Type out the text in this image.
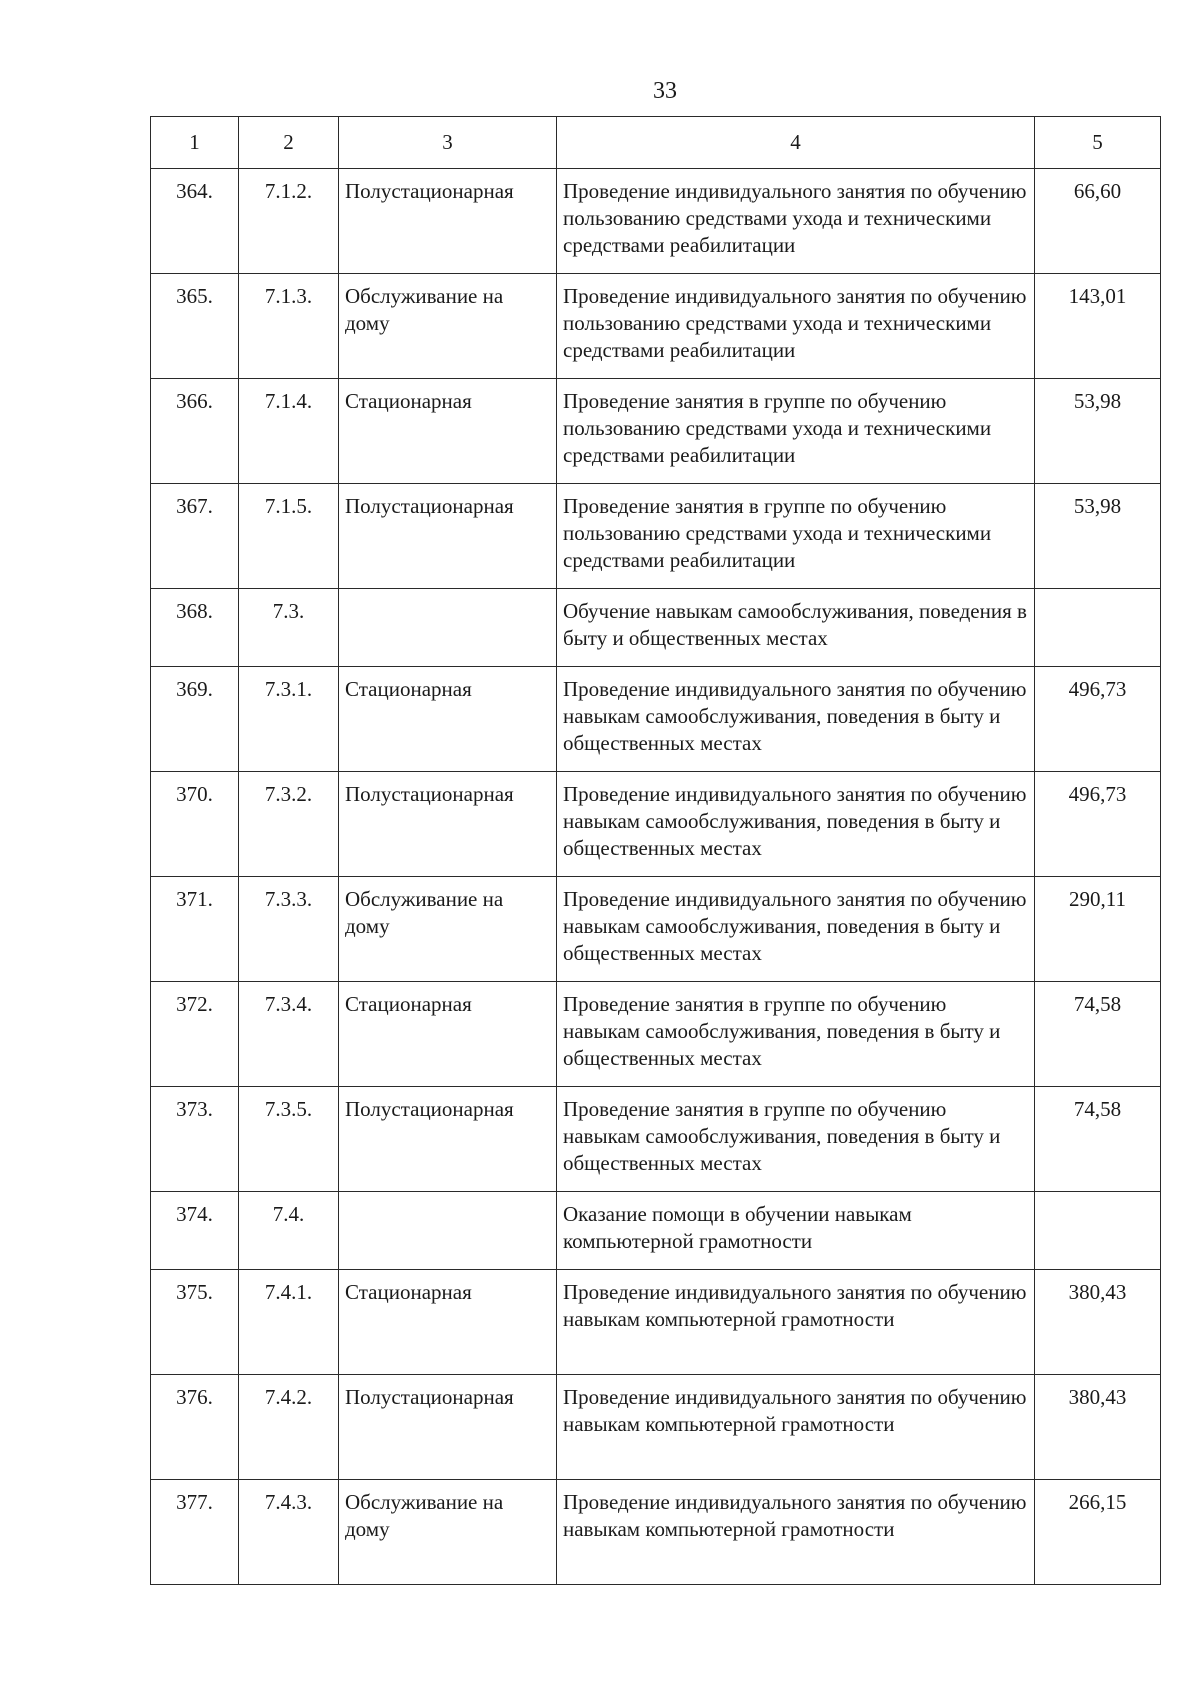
33
1	2	3	4	5
364.	7.1.2.	Полустационарная	Проведение индивидуального занятия по обучению пользованию средствами ухода и техническими средствами реабилитации	66,60
365.	7.1.3.	Обслуживание на дому	Проведение индивидуального занятия по обучению пользованию средствами ухода и техническими средствами реабилитации	143,01
366.	7.1.4.	Стационарная	Проведение занятия в группе по обучению пользованию средствами ухода и техническими средствами реабилитации	53,98
367.	7.1.5.	Полустационарная	Проведение занятия в группе по обучению пользованию средствами ухода и техническими средствами реабилитации	53,98
368.	7.3.		Обучение навыкам самообслуживания, поведения в быту и общественных местах	
369.	7.3.1.	Стационарная	Проведение индивидуального занятия по обучению навыкам самообслуживания, поведения в быту и общественных местах	496,73
370.	7.3.2.	Полустационарная	Проведение индивидуального занятия по обучению навыкам самообслуживания, поведения в быту и общественных местах	496,73
371.	7.3.3.	Обслуживание на дому	Проведение индивидуального занятия по обучению навыкам самообслуживания, поведения в быту и общественных местах	290,11
372.	7.3.4.	Стационарная	Проведение занятия в группе по обучению навыкам самообслуживания, поведения в быту и общественных местах	74,58
373.	7.3.5.	Полустационарная	Проведение занятия в группе по обучению навыкам самообслуживания, поведения в быту и общественных местах	74,58
374.	7.4.		Оказание помощи в обучении навыкам компьютерной грамотности	
375.	7.4.1.	Стационарная	Проведение индивидуального занятия по обучению навыкам компьютерной грамотности	380,43
376.	7.4.2.	Полустационарная	Проведение индивидуального занятия по обучению навыкам компьютерной грамотности	380,43
377.	7.4.3.	Обслуживание на дому	Проведение индивидуального занятия по обучению навыкам компьютерной грамотности	266,15
